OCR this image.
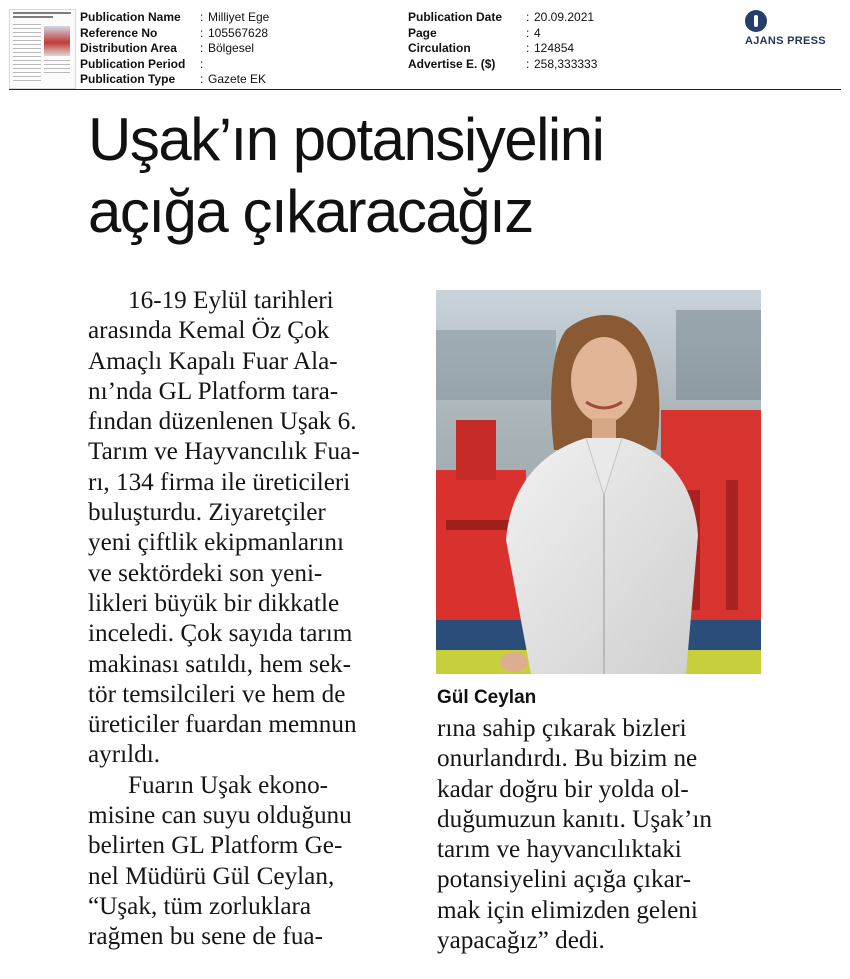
Publication Name	: Milliyet Ege
Reference No	: 105567628
Distribution Area	: Bölgesel
Publication Period	:
Publication Type	: Gazete EK
Publication Date	: 20.09.2021
Page	: 4
Circulation	: 124854
Advertise E. ($)	: 258,333333
AJANS PRESS
Uşak’ın potansiyelini
açığa çıkaracağız
16-19 Eylül tarihleri
arasında Kemal Öz Çok
Amaçlı Kapalı Fuar Ala-
nı’nda GL Platform tara-
fından düzenlenen Uşak 6.
Tarım ve Hayvancılık Fua-
rı, 134 firma ile üreticileri
buluşturdu. Ziyaretçiler
yeni çiftlik ekipmanlarını
ve sektördeki son yeni-
likleri büyük bir dikkatle
inceledi. Çok sayıda tarım
makinası satıldı, hem sek-
tör temsilcileri ve hem de
üreticiler fuardan memnun
ayrıldı.
Fuarın Uşak ekono-
misine can suyu olduğunu
belirten GL Platform Ge-
nel Müdürü Gül Ceylan,
“Uşak, tüm zorluklara
rağmen bu sene de fua-
Gül Ceylan
rına sahip çıkarak bizleri
onurlandırdı. Bu bizim ne
kadar doğru bir yolda ol-
duğumuzun kanıtı. Uşak’ın
tarım ve hayvancılıktaki
potansiyelini açığa çıkar-
mak için elimizden geleni
yapacağız” dedi.
